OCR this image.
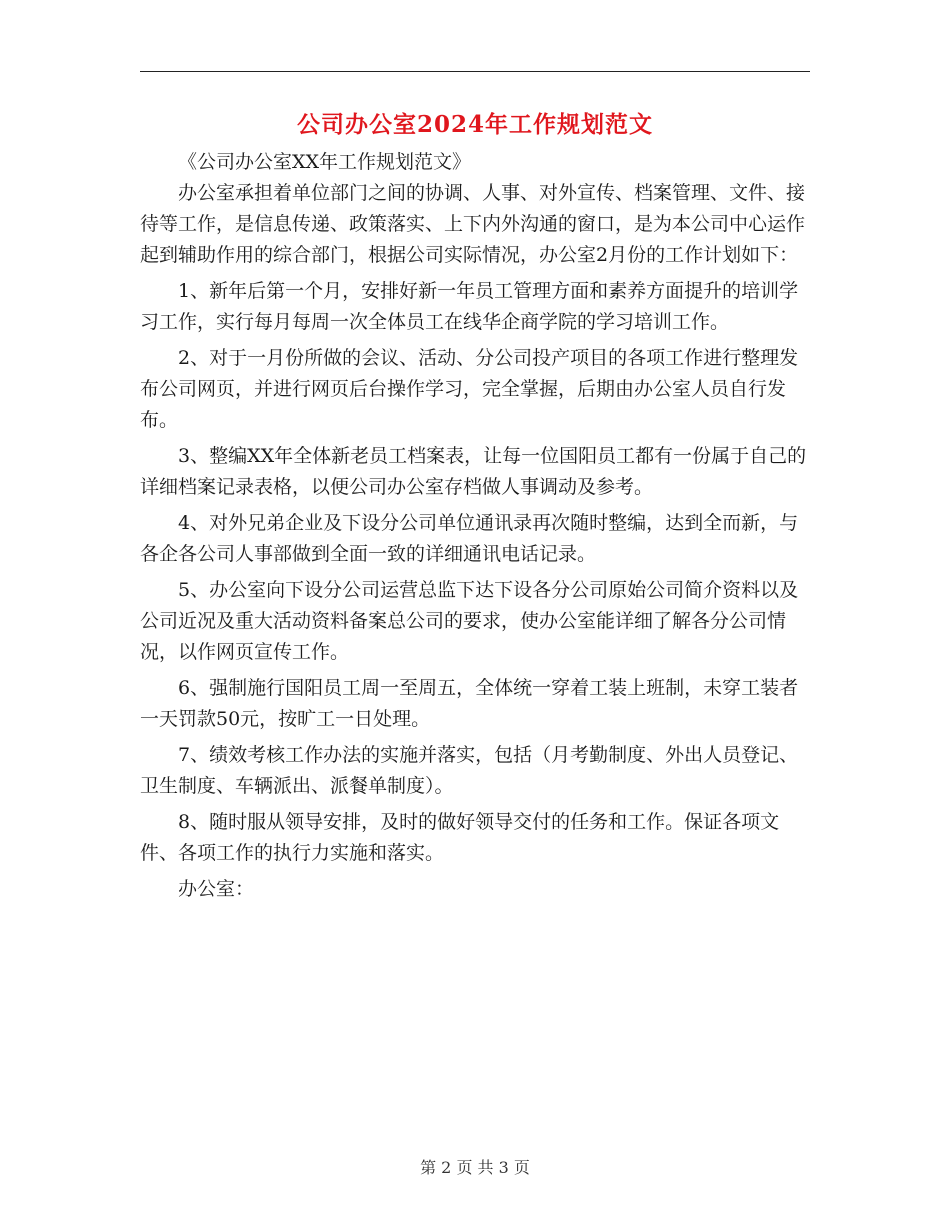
公司办公室2024年工作规划范文

《公司办公室XX年工作规划范文》

办公室承担着单位部门之间的协调、人事、对外宣传、档案管理、文件、接待等工作，是信息传递、政策落实、上下内外沟通的窗口，是为本公司中心运作起到辅助作用的综合部门，根据公司实际情况，办公室2月份的工作计划如下：

1、新年后第一个月，安排好新一年员工管理方面和素养方面提升的培训学习工作，实行每月每周一次全体员工在线华企商学院的学习培训工作。

2、对于一月份所做的会议、活动、分公司投产项目的各项工作进行整理发布公司网页，并进行网页后台操作学习，完全掌握，后期由办公室人员自行发布。

3、整编XX年全体新老员工档案表，让每一位国阳员工都有一份属于自己的详细档案记录表格，以便公司办公室存档做人事调动及参考。

4、对外兄弟企业及下设分公司单位通讯录再次随时整编，达到全而新，与各企各公司人事部做到全面一致的详细通讯电话记录。

5、办公室向下设分公司运营总监下达下设各分公司原始公司简介资料以及公司近况及重大活动资料备案总公司的要求，使办公室能详细了解各分公司情况，以作网页宣传工作。

6、强制施行国阳员工周一至周五，全体统一穿着工装上班制，未穿工装者一天罚款50元，按旷工一日处理。

7、绩效考核工作办法的实施并落实，包括（月考勤制度、外出人员登记、卫生制度、车辆派出、派餐单制度）。

8、随时服从领导安排，及时的做好领导交付的任务和工作。保证各项文件、各项工作的执行力实施和落实。

办公室：

第 2 页 共 3 页
